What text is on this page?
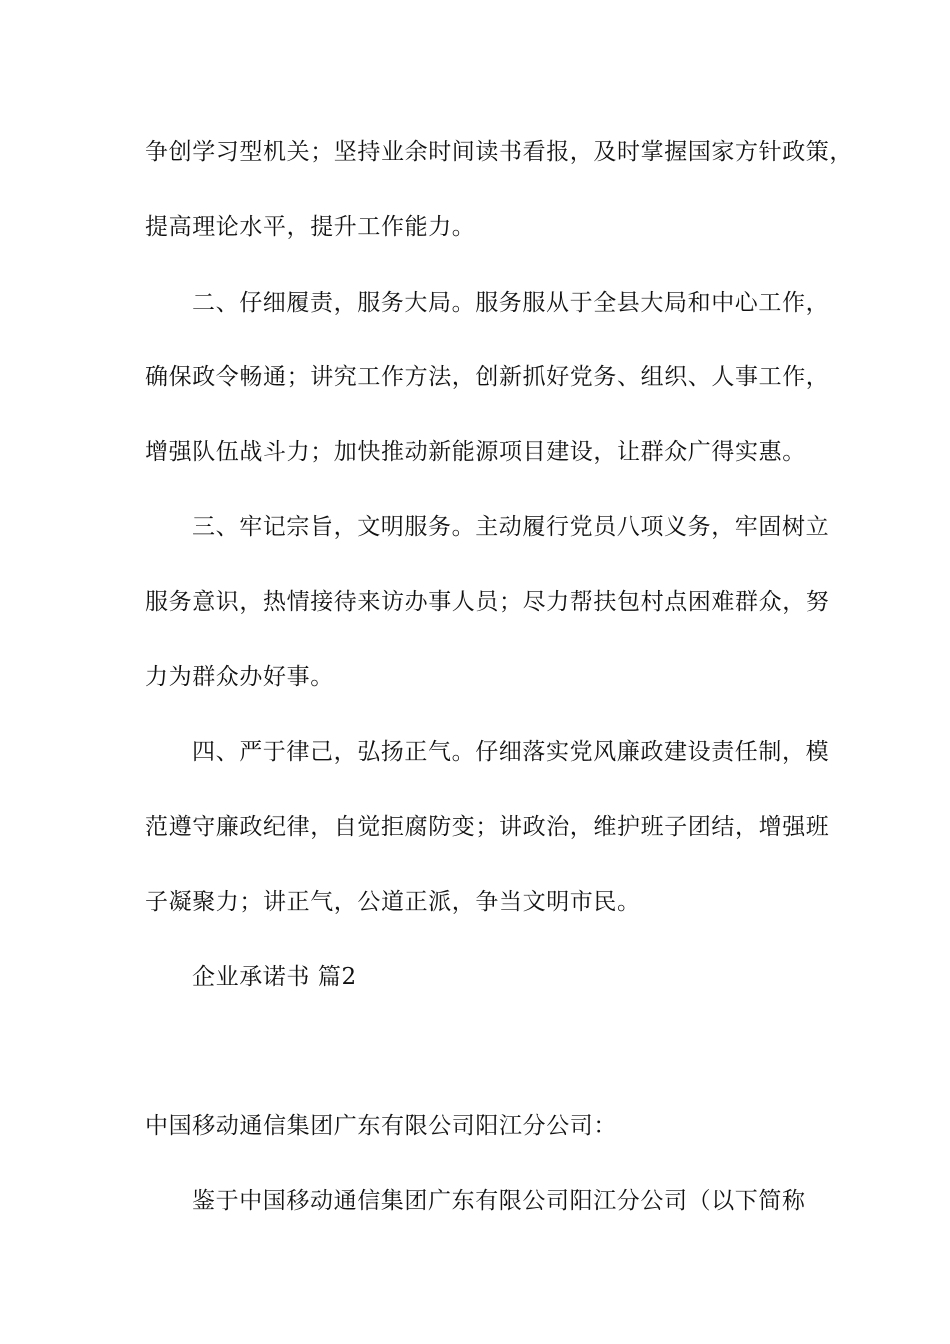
争创学习型机关；坚持业余时间读书看报，及时掌握国家方针政策，
提高理论水平，提升工作能力。
二、仔细履责，服务大局。服务服从于全县大局和中心工作，
确保政令畅通；讲究工作方法，创新抓好党务、组织、人事工作，
增强队伍战斗力；加快推动新能源项目建设，让群众广得实惠。
三、牢记宗旨，文明服务。主动履行党员八项义务，牢固树立
服务意识，热情接待来访办事人员；尽力帮扶包村点困难群众，努
力为群众办好事。
四、严于律己，弘扬正气。仔细落实党风廉政建设责任制，模
范遵守廉政纪律，自觉拒腐防变；讲政治，维护班子团结，增强班
子凝聚力；讲正气，公道正派，争当文明市民。
企业承诺书 篇2
中国移动通信集团广东有限公司阳江分公司：
鉴于中国移动通信集团广东有限公司阳江分公司（以下简称
